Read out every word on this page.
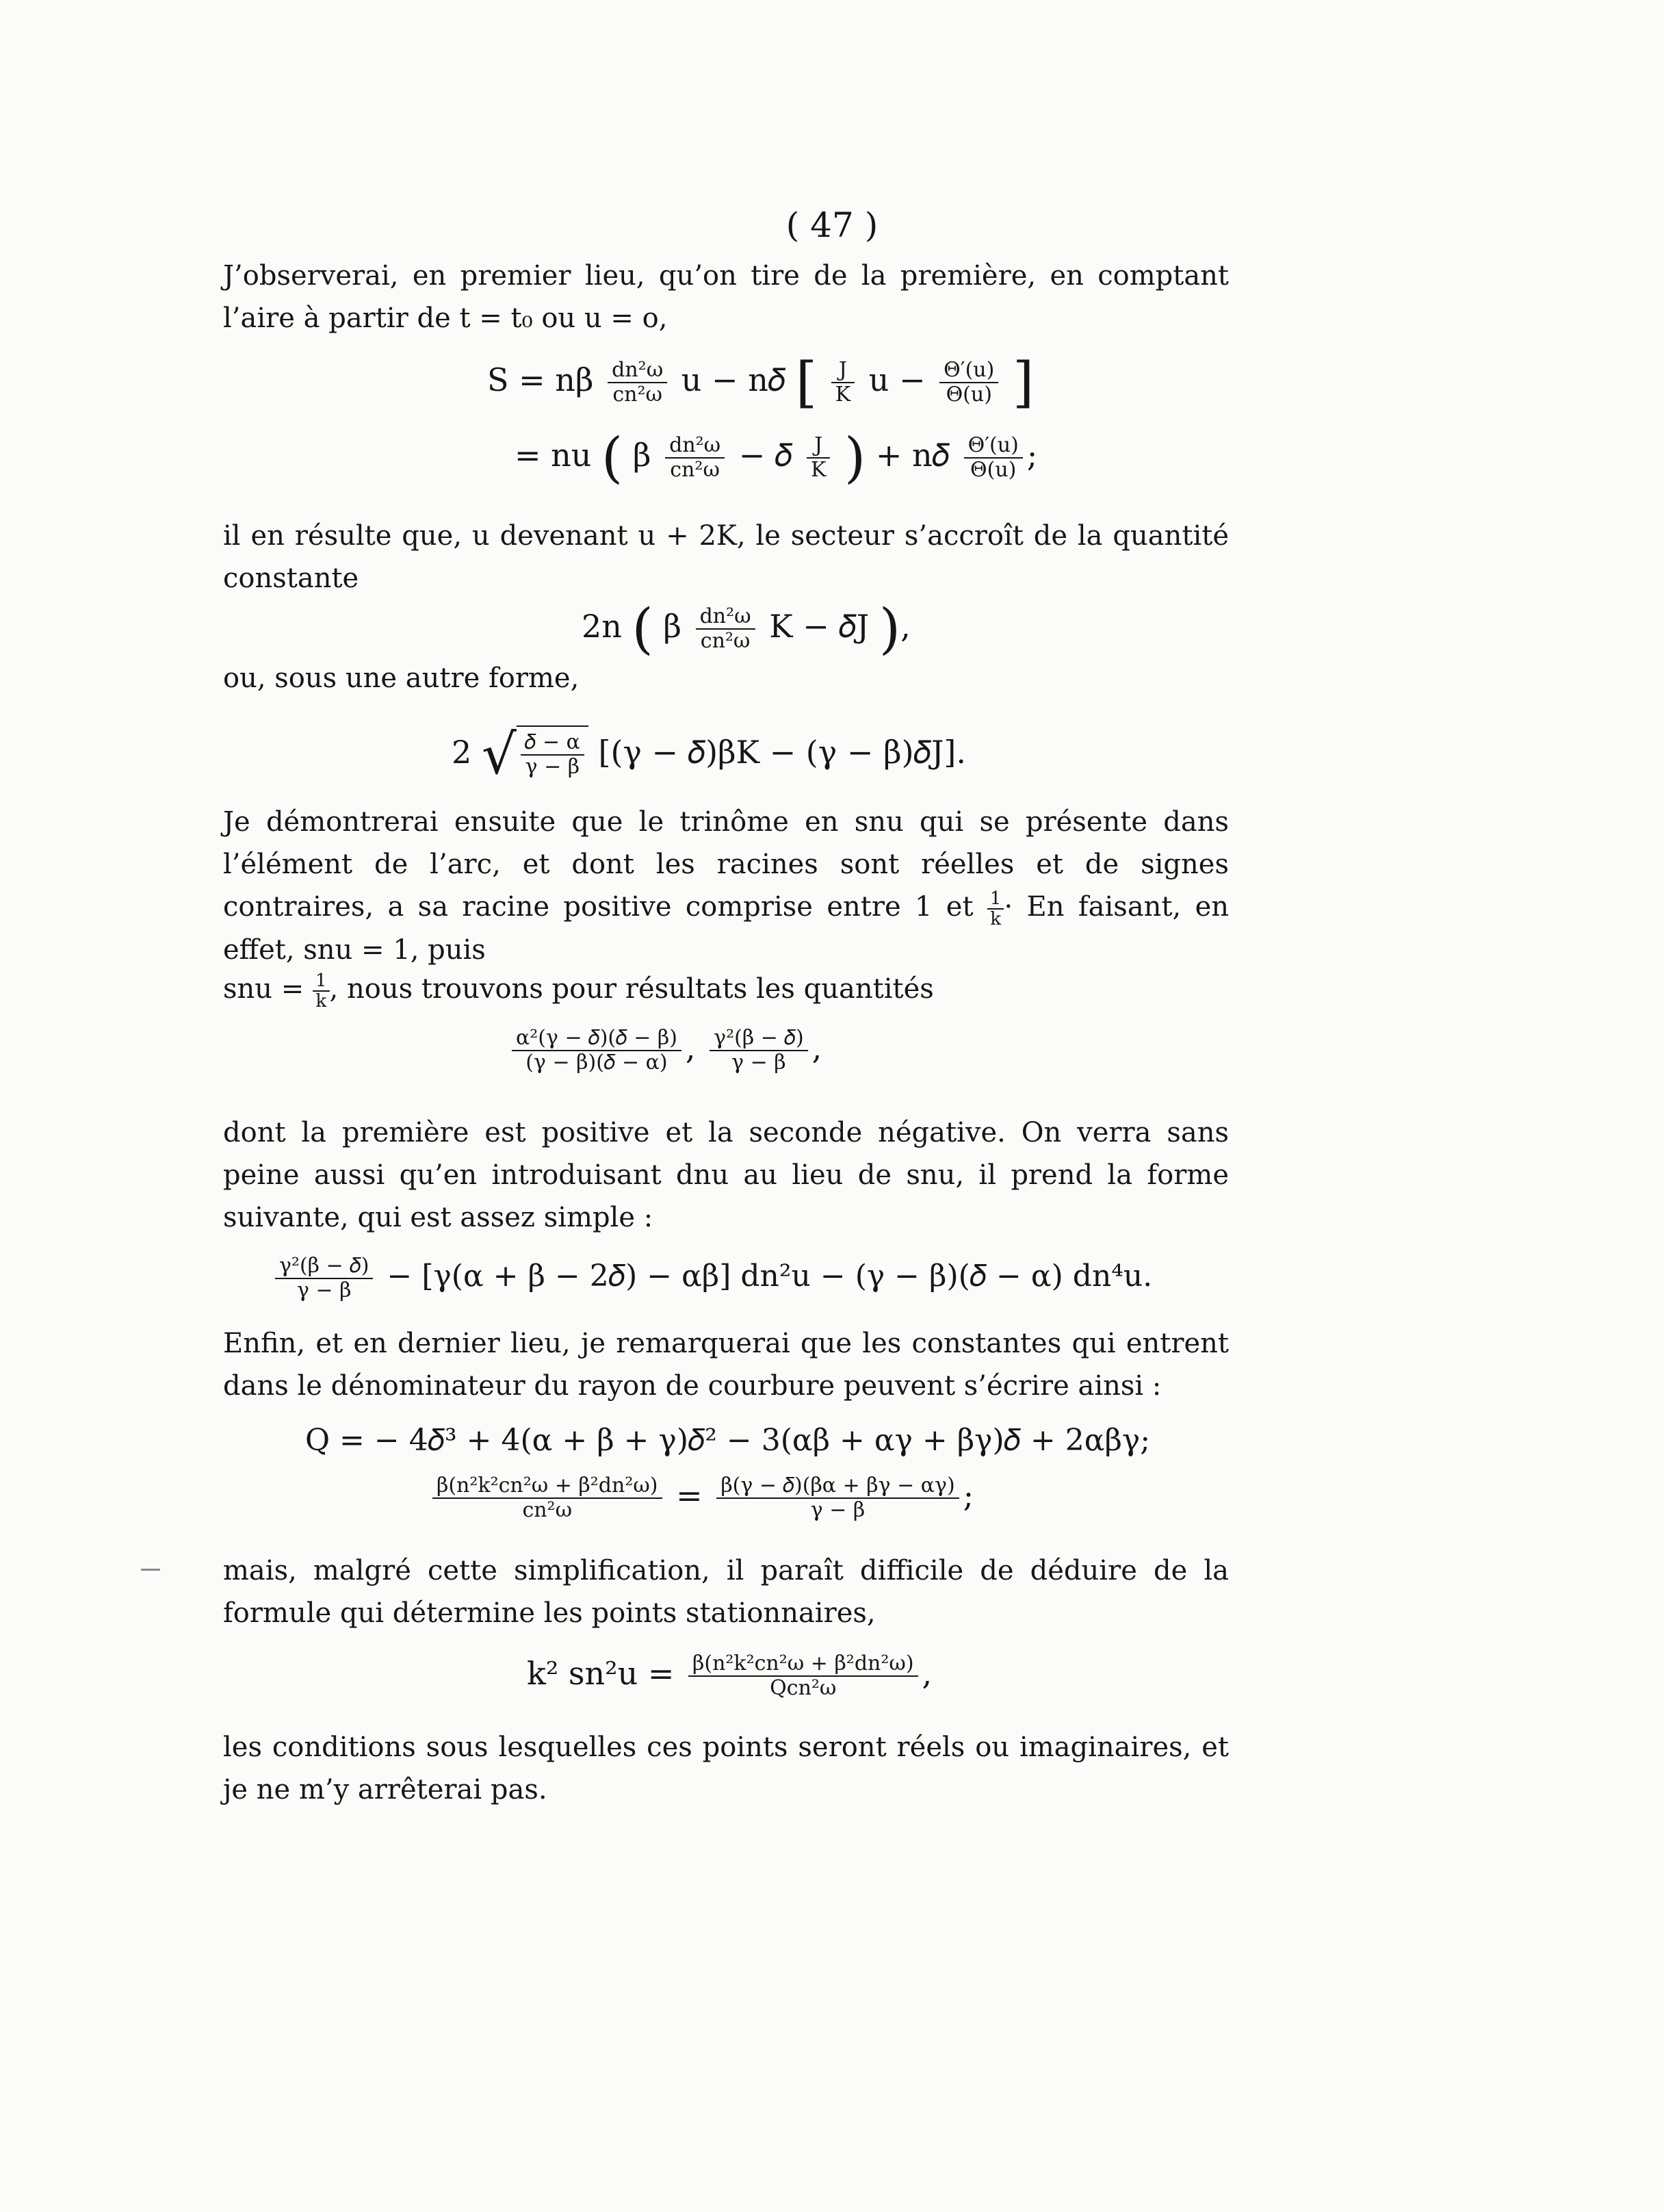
( 47 )
J’observerai, en premier lieu, qu’on tire de la première, en comptant l’aire à partir de t = t₀ ou u = o,
S = nβ $\frac{\text{dn²ω}}{\text{cn²ω}}$ u − n𝛿 [ $\frac{J}{K}$ $u - \frac{\Theta'(u)}{\Theta(u)}$ ]
= nu ( β $\frac{\text{dn²ω}}{\text{cn²ω}}$ − 𝛿 $\frac{J}{K}$ ) + n𝛿 $\frac{\Theta'(u)}{\Theta(u)}$ ;
il en résulte que, u devenant u + 2K, le secteur s’accroît de la quantité constante
2n ( β $\frac{\text{dn²ω}}{\text{cn²ω}}$ K − 𝛿J ),
ou, sous une autre forme,
2 √ $\frac{\text{𝛿 − α}}{\gamma - \beta} [(\gamma$ − 𝛿)βK − (γ − β)𝛿J].
Je démontrerai ensuite que le trinôme en snu qui se présente dans l’élément de l’arc, et dont les racines sont réelles et de signes contraires, a sa racine positive comprise entre 1 et $\frac{1}{k} \cdot En$ faisant, en effet, snu = 1, puis
snu = $\frac{1}{k}$ , nous trouvons pour résultats les quantités
$\frac{\text{α²(γ − 𝛿)(𝛿 − β)}}{\text{(γ − β)(𝛿 − α)}}$ , $\frac{\text{γ²(β − 𝛿)}}{\gamma - \beta}$ ,
dont la première est positive et la seconde négative. On verra sans peine aussi qu’en introduisant dnu au lieu de snu, il prend la forme suivante, qui est assez simple :
$\frac{\text{γ²(β − 𝛿)}}{\gamma - \beta} - [\gamma(\alpha + \beta$ − 2𝛿) − αβ] dn²u − (γ − β)(𝛿 − α) dn⁴u.
Enfin, et en dernier lieu, je remarquerai que les constantes qui entrent dans le dénominateur du rayon de courbure peuvent s’écrire ainsi :
Q = − 4𝛿³ + 4(α + β + γ)𝛿² − 3(αβ + αγ + βγ)𝛿 + 2αβγ;
$\frac{\text{β(n²k²cn²ω + β²dn²ω)}}{\text{cn²ω}} = \frac{\text{β(γ − 𝛿)(βα + βγ − αγ)}}{\gamma - \beta}$ ;
mais, malgré cette simplification, il paraît difficile de déduire de la formule qui détermine les points stationnaires,
k² $sn^2u = \frac{\text{β(n²k²cn²ω + β²dn²ω)}}{\text{Qcn²ω}}$ ,
les conditions sous lesquelles ces points seront réels ou imaginaires, et je ne m’y arrêterai pas.
